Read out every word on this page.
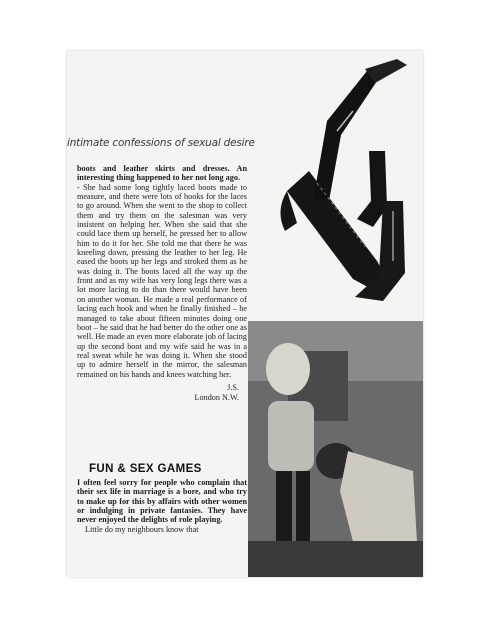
intimate confessions of sexual desire

boots and leather skirts and dresses. An interesting thing happened to her not long ago.

- She had some long tightly laced boots made to measure, and there were lots of hooks for the laces to go around. When she went to the shop to collect them and try them on the salesman was very insistent on helping her. When she said that she could lace them up herself, he pressed her to allow him to do it for her. She told me that there he was kneeling down, pressing the leather to her leg. He eased the boots up her legs and stroked them as he was doing it. The boots laced all the way up the front and as my wife has very long legs there was a lot more lacing to do than there would have been on another woman. He made a real performance of lacing each hook and when he finally finished – he managed to take about fifteen minutes doing one boot – he said that he had better do the other one as well. He made an even more elaborate job of lacing up the second boot and my wife said he was in a real sweat while he was doing it. When she stood up to admire herself in the mirror, the salesman remained on his hands and knees watching her.

J.S.
London N.W.
FUN & SEX GAMES

I often feel sorry for people who complain that their sex life in marriage is a bore, and who try to make up for this by affairs with other women or indulging in private fantasies. They have never enjoyed the delights of role playing.

Little do my neighbours know that
